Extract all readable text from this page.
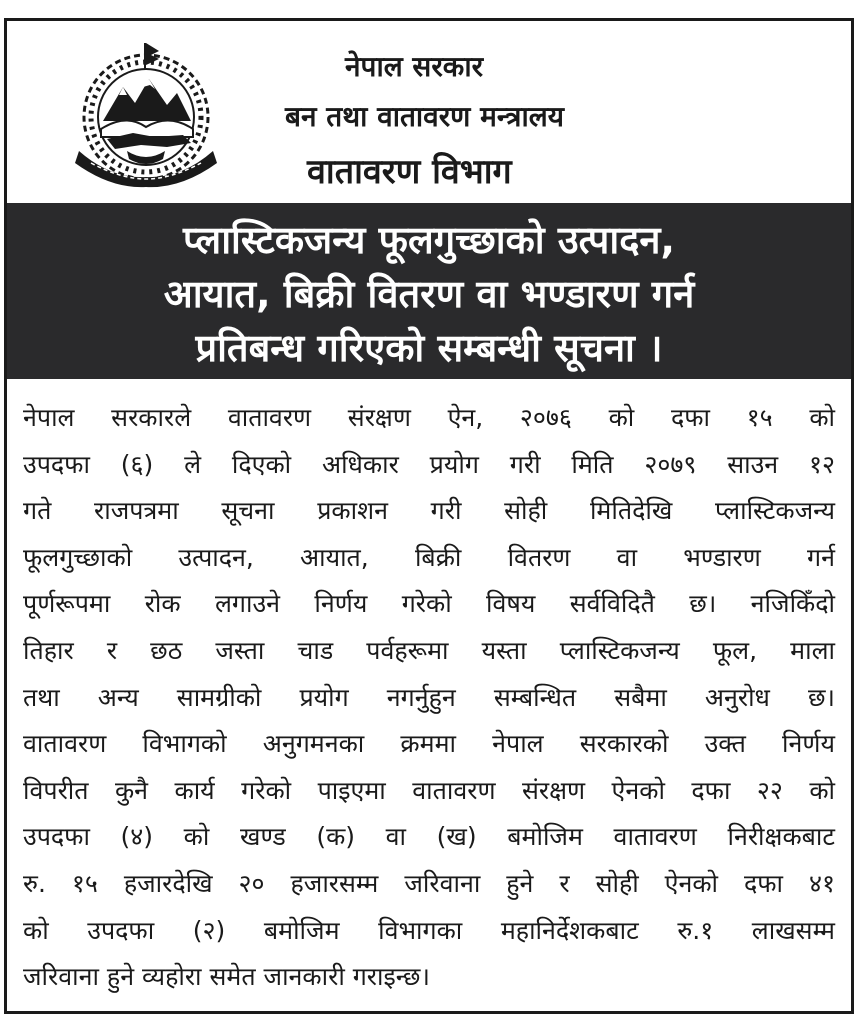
नेपाल सरकार
बन तथा वातावरण मन्त्रालय
वातावरण विभाग
प्लास्टिकजन्य फूलगुच्छाको उत्पादन,
आयात, बिक्री वितरण वा भण्डारण गर्न
प्रतिबन्ध गरिएको सम्बन्धी सूचना ।
नेपाल सरकारले वातावरण संरक्षण ऐन, २०७६ को दफा १५ को
उपदफा (६) ले दिएको अधिकार प्रयोग गरी मिति २०७९ साउन १२
गते राजपत्रमा सूचना प्रकाशन गरी सोही मितिदेखि प्लास्टिकजन्य
फूलगुच्छाको उत्पादन, आयात, बिक्री वितरण वा भण्डारण गर्न
पूर्णरूपमा रोक लगाउने निर्णय गरेको विषय सर्वविदितै छ। नजिकिँदो
तिहार र छठ जस्ता चाड पर्वहरूमा यस्ता प्लास्टिकजन्य फूल, माला
तथा अन्य सामग्रीको प्रयोग नगर्नुहुन सम्बन्धित सबैमा अनुरोध छ।
वातावरण विभागको अनुगमनका क्रममा नेपाल सरकारको उक्त निर्णय
विपरीत कुनै कार्य गरेको पाइएमा वातावरण संरक्षण ऐनको दफा २२ को
उपदफा (४) को खण्ड (क) वा (ख) बमोजिम वातावरण निरीक्षकबाट
रु. १५ हजारदेखि २० हजारसम्म जरिवाना हुने र सोही ऐनको दफा ४१
को उपदफा (२) बमोजिम विभागका महानिर्देशकबाट रु.१ लाखसम्म
जरिवाना हुने व्यहोरा समेत जानकारी गराइन्छ।
